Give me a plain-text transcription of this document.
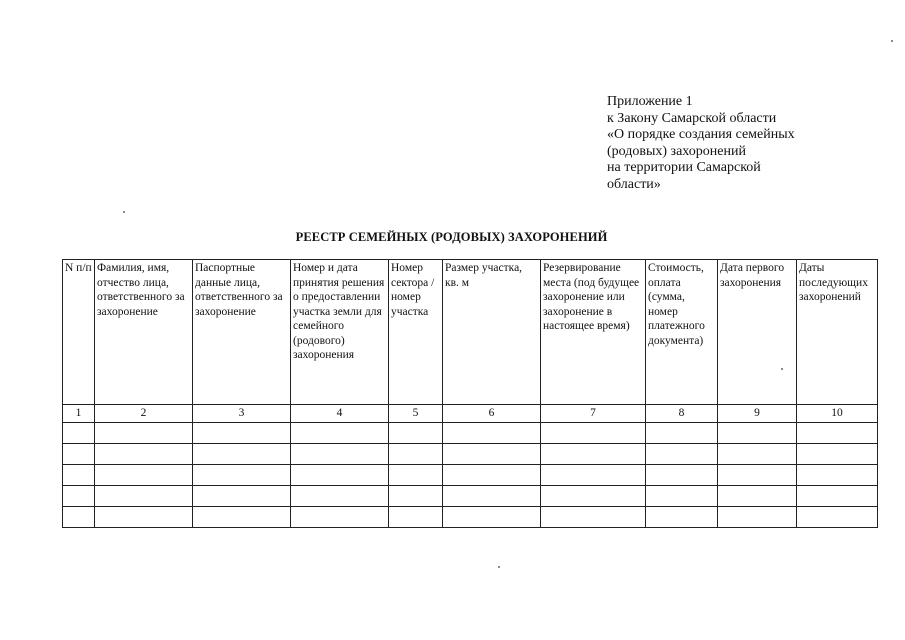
Приложение 1
к Закону Самарской области
«О порядке создания семейных
(родовых) захоронений
на территории Самарской
области»
РЕЕСТР СЕМЕЙНЫХ (РОДОВЫХ) ЗАХОРОНЕНИЙ
N п/п	Фамилия, имя, отчество лица, ответственного за захоронение	Паспортные данные лица, ответственного за захоронение	Номер и дата принятия решения о предоставлении участка земли для семейного (родового) захоронения	Номер сектора /номер участка	Размер участка, кв. м	Резервирование места (под будущее захоронение или захоронение в настоящее время)	Стоимость, оплата (сумма, номер платежного документа)	Дата первого захоронения	Даты последующих захоронений
1	2	3	4	5	6	7	8	9	10
